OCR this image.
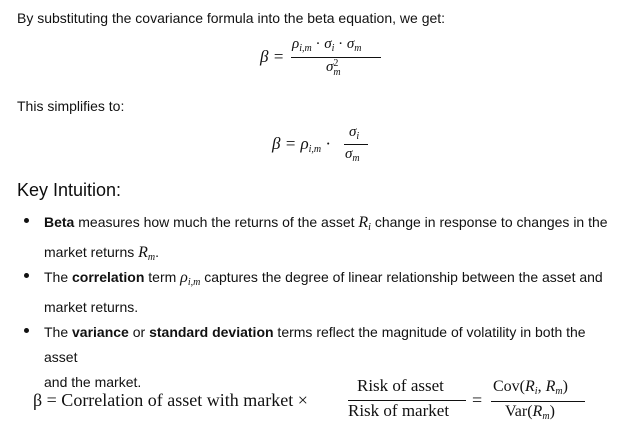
By substituting the covariance formula into the beta equation, we get:
β =
$\rho_{i,m} \cdot \sigma_i \cdot \sigma_m$
σ 2
m
This simplifies to:
$\beta = \rho_{i,m}$ ·
$\sigma_i$
$\sigma_m$
Key Intuition:
Beta measures how much the returns of the asset $R_i$ change in response to changes in the
market returns $R_m$.
The correlation term $\rho_{i,m}$ captures the degree of linear relationship between the asset and
market returns.
The variance or standard deviation terms reflect the magnitude of volatility in both the asset
and the market.
β = Correlation of asset with market ×
Risk of asset
Risk of market
=
$Cov(R_i$, $R_m$)
$Var(R_m)$
